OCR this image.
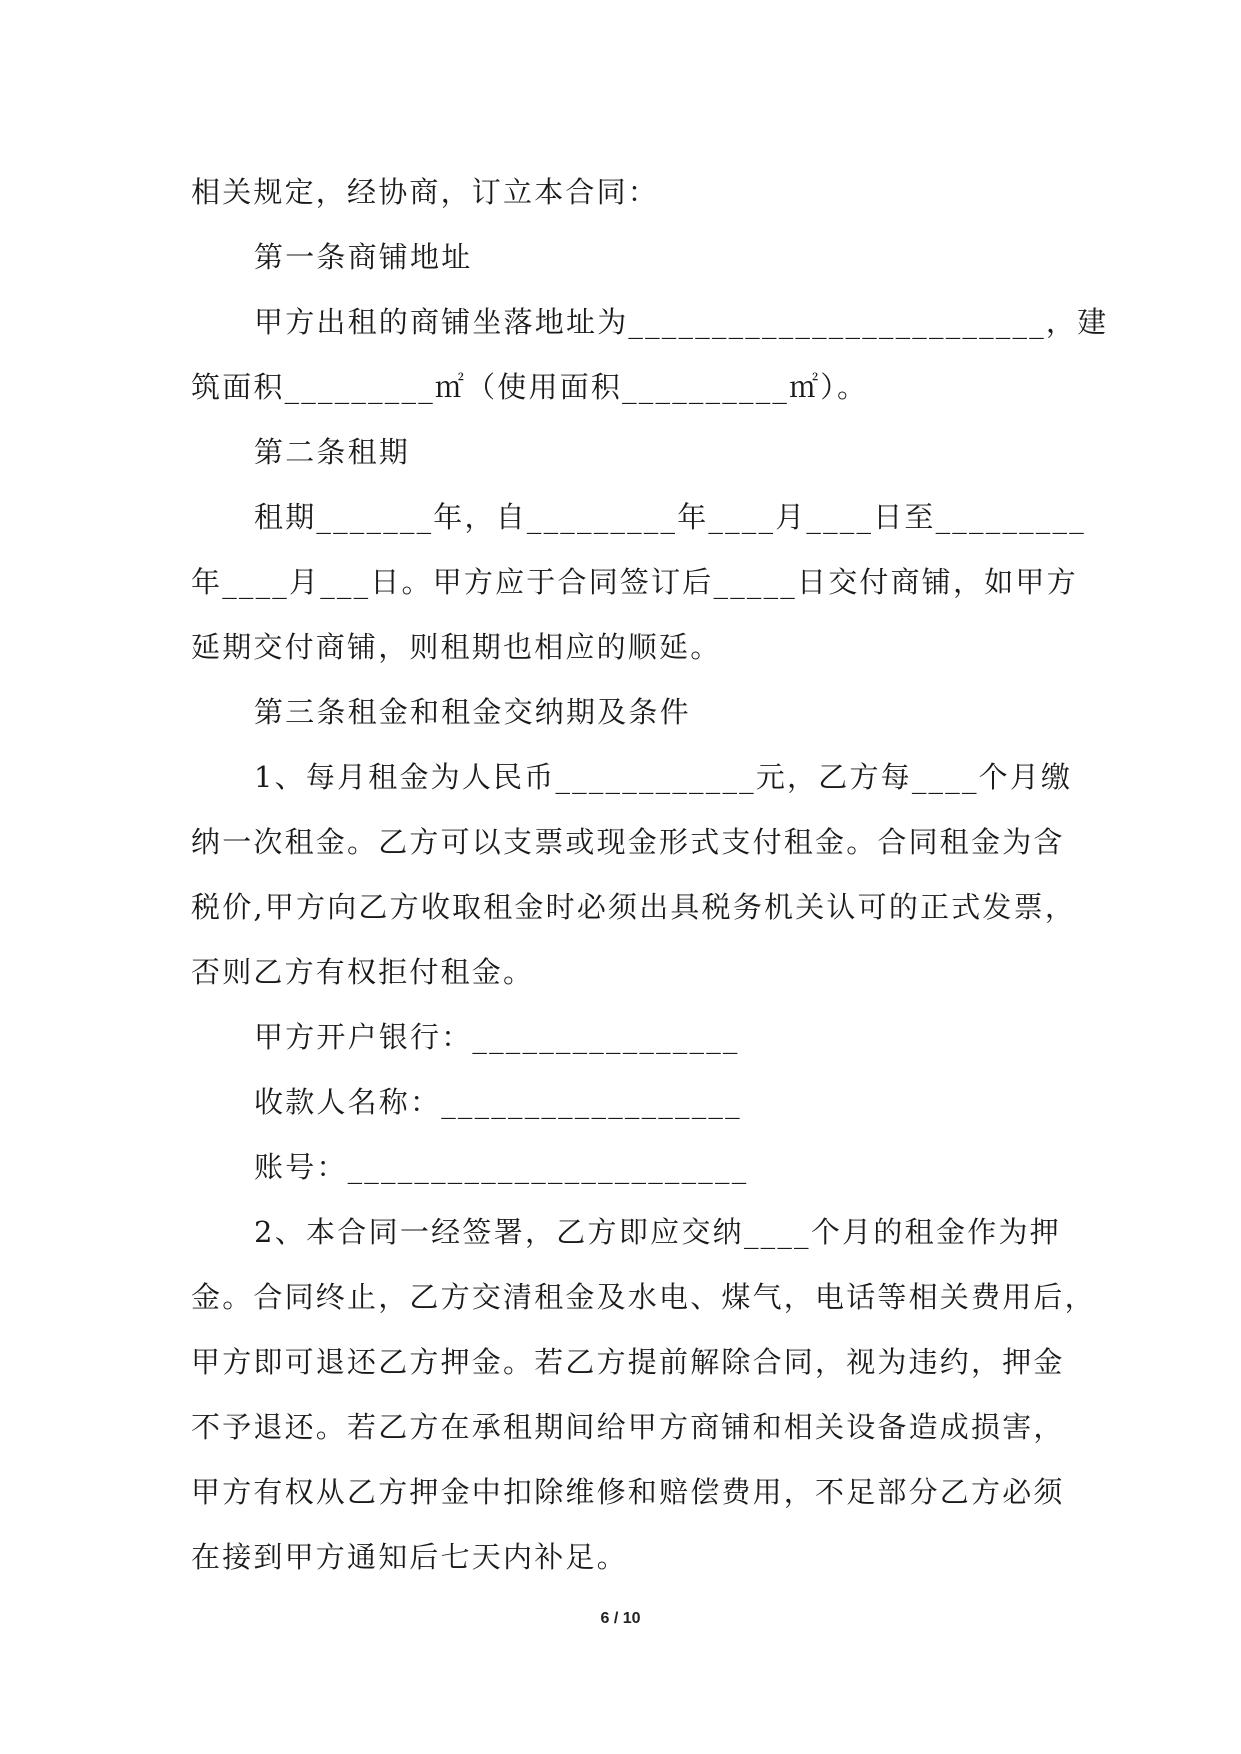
相关规定，经协商，订立本合同：
第一条商铺地址
甲方出租的商铺坐落地址为_________________________，建
筑面积_________㎡（使用面积__________㎡）。
第二条租期
租期_______年，自_________年____月____日至_________
年____月___日。甲方应于合同签订后_____日交付商铺，如甲方
延期交付商铺，则租期也相应的顺延。
第三条租金和租金交纳期及条件
1、每月租金为人民币____________元，乙方每____个月缴
纳一次租金。乙方可以支票或现金形式支付租金。合同租金为含
税价,甲方向乙方收取租金时必须出具税务机关认可的正式发票，
否则乙方有权拒付租金。
甲方开户银行：________________
收款人名称：__________________
账号：________________________
2、本合同一经签署，乙方即应交纳____个月的租金作为押
金。合同终止，乙方交清租金及水电、煤气，电话等相关费用后，
甲方即可退还乙方押金。若乙方提前解除合同，视为违约，押金
不予退还。若乙方在承租期间给甲方商铺和相关设备造成损害，
甲方有权从乙方押金中扣除维修和赔偿费用，不足部分乙方必须
在接到甲方通知后七天内补足。
6 / 10
